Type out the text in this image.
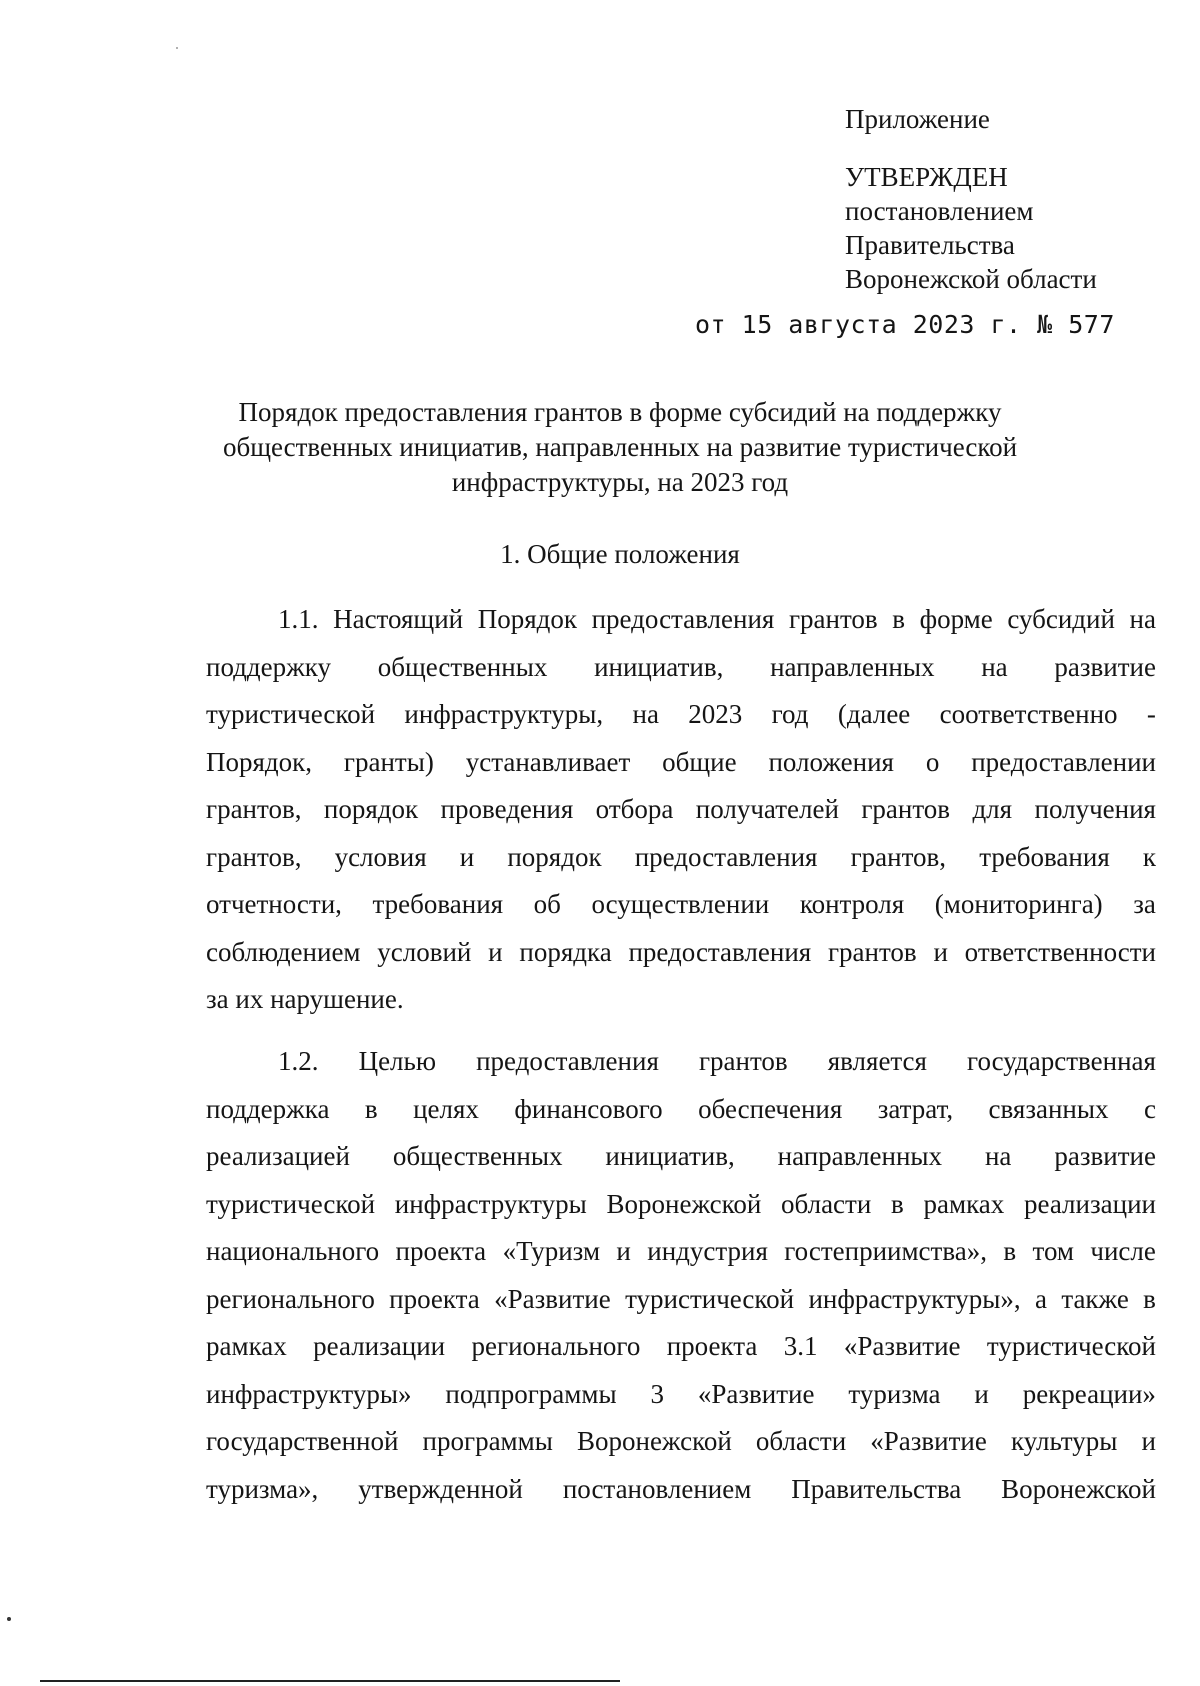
Приложение
УТВЕРЖДЕН
постановлением
Правительства
Воронежской области
от 15 августа 2023 г. № 577
Порядок предоставления грантов в форме субсидий на поддержку
общественных инициатив, направленных на развитие туристической
инфраструктуры, на 2023 год
1. Общие положения
1.1. Настоящий Порядок предоставления грантов в форме субсидий на
поддержку общественных инициатив, направленных на развитие
туристической инфраструктуры, на 2023 год (далее соответственно -
Порядок, гранты) устанавливает общие положения о предоставлении
грантов, порядок проведения отбора получателей грантов для получения
грантов, условия и порядок предоставления грантов, требования к
отчетности, требования об осуществлении контроля (мониторинга) за
соблюдением условий и порядка предоставления грантов и ответственности
за их нарушение.
1.2. Целью предоставления грантов является государственная
поддержка в целях финансового обеспечения затрат, связанных с
реализацией общественных инициатив, направленных на развитие
туристической инфраструктуры Воронежской области в рамках реализации
национального проекта «Туризм и индустрия гостеприимства», в том числе
регионального проекта «Развитие туристической инфраструктуры», а также в
рамках реализации регионального проекта 3.1 «Развитие туристической
инфраструктуры» подпрограммы 3 «Развитие туризма и рекреации»
государственной программы Воронежской области «Развитие культуры и
туризма», утвержденной постановлением Правительства Воронежской
